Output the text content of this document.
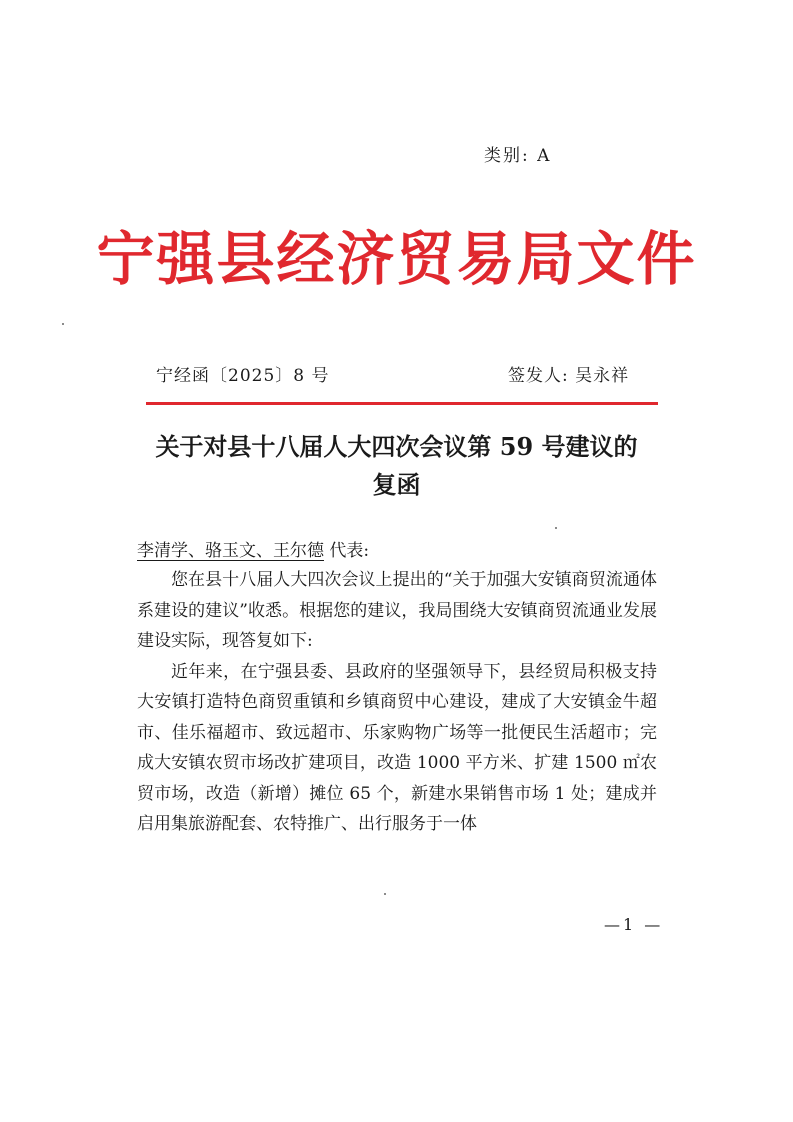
类别: A
宁强县经济贸易局文件
宁经函〔2025〕8 号	签发人: 吴永祥
关于对县十八届人大四次会议第 59 号建议的
复函
李清学、骆玉文、王尔德 代表:

您在县十八届人大四次会议上提出的“关于加强大安镇商贸流通体系建设的建议”收悉。根据您的建议，我局围绕大安镇商贸流通业发展建设实际，现答复如下:

近年来，在宁强县委、县政府的坚强领导下，县经贸局积极支持大安镇打造特色商贸重镇和乡镇商贸中心建设，建成了大安镇金牛超市、佳乐福超市、致远超市、乐家购物广场等一批便民生活超市；完成大安镇农贸市场改扩建项目，改造 1000 平方米、扩建 1500 ㎡农贸市场，改造（新增）摊位 65 个，新建水果销售市场 1 处；建成并启用集旅游配套、农特推广、出行服务于一体

—1 —
